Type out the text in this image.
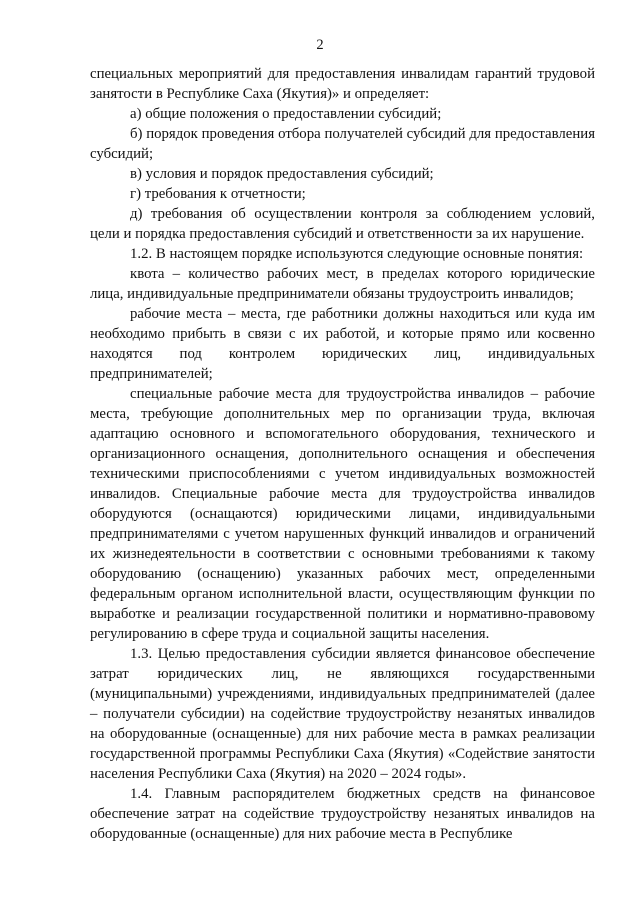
2

специальных мероприятий для предоставления инвалидам гарантий трудовой занятости в Республике Саха (Якутия)» и определяет:

а) общие положения о предоставлении субсидий;

б) порядок проведения отбора получателей субсидий для предоставления субсидий;

в) условия и порядок предоставления субсидий;

г) требования к отчетности;

д) требования об осуществлении контроля за соблюдением условий, цели и порядка предоставления субсидий и ответственности за их нарушение.

1.2. В настоящем порядке используются следующие основные понятия:

квота – количество рабочих мест, в пределах которого юридические лица, индивидуальные предприниматели обязаны трудоустроить инвалидов;

рабочие места – места, где работники должны находиться или куда им необходимо прибыть в связи с их работой, и которые прямо или косвенно находятся под контролем юридических лиц, индивидуальных предпринимателей;

специальные рабочие места для трудоустройства инвалидов – рабочие места, требующие дополнительных мер по организации труда, включая адаптацию основного и вспомогательного оборудования, технического и организационного оснащения, дополнительного оснащения и обеспечения техническими приспособлениями с учетом индивидуальных возможностей инвалидов. Специальные рабочие места для трудоустройства инвалидов оборудуются (оснащаются) юридическими лицами, индивидуальными предпринимателями с учетом нарушенных функций инвалидов и ограничений их жизнедеятельности в соответствии с основными требованиями к такому оборудованию (оснащению) указанных рабочих мест, определенными федеральным органом исполнительной власти, осуществляющим функции по выработке и реализации государственной политики и нормативно-правовому регулированию в сфере труда и социальной защиты населения.

1.3. Целью предоставления субсидии является финансовое обеспечение затрат юридических лиц, не являющихся государственными (муниципальными) учреждениями, индивидуальных предпринимателей (далее – получатели субсидии) на содействие трудоустройству незанятых инвалидов на оборудованные (оснащенные) для них рабочие места в рамках реализации государственной программы Республики Саха (Якутия) «Содействие занятости населения Республики Саха (Якутия) на 2020 – 2024 годы».

1.4. Главным распорядителем бюджетных средств на финансовое обеспечение затрат на содействие трудоустройству незанятых инвалидов на оборудованные (оснащенные) для них рабочие места в Республике
